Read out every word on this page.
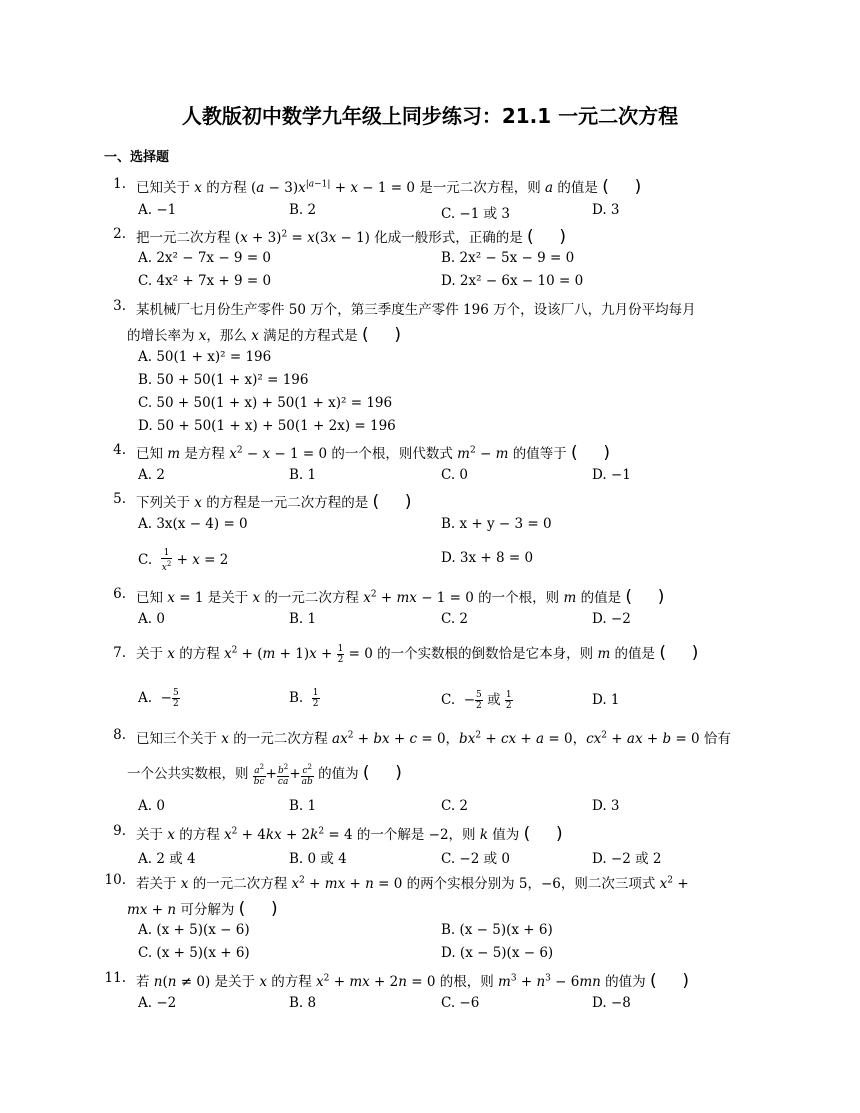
人教版初中数学九年级上同步练习：21.1 一元二次方程
一、选择题
1. 已知关于 x 的方程 $(a - 3)x^{|a-1|} + x - 1 = 0$ 是一元二次方程，则 a 的值是 ( )
A. −1	B. 2	C. −1 或 3	D. 3
2. 把一元二次方程 $(x + 3)^2 = x(3x - 1)$ 化成一般形式，正确的是 ( )
A. 2x² − 7x − 9 = 0	B. 2x² − 5x − 9 = 0
C. 4x² + 7x + 9 = 0	D. 2x² − 6x − 10 = 0
3. 某机械厂七月份生产零件 50 万个，第三季度生产零件 196 万个，设该厂八，九月份平均每月
的增长率为 x，那么 x 满足的方程式是 ( )
A. 50(1 + x)² = 196
B. 50 + 50(1 + x)² = 196
C. 50 + 50(1 + x) + 50(1 + x)² = 196
D. 50 + 50(1 + x) + 50(1 + 2x) = 196
4. 已知 m 是方程 $x^2 - x - 1 = 0$ 的一个根，则代数式 $m^2 - m$ 的值等于 ( )
A. 2	B. 1	C. 0	D. −1
5. 下列关于 x 的方程是一元二次方程的是 ( )
A. 3x(x − 4) = 0	B. x + y − 3 = 0
C. $\frac{1}{x^2} + x = 2$	D. 3x + 8 = 0
6. 已知 x = 1 是关于 x 的一元二次方程 $x^2$ + mx − 1 = 0 的一个根，则 m 的值是 ( )
A. 0	B. 1	C. 2	D. −2
7. 关于 x 的方程 $x^2 + (m + 1)x + \frac{1}{2} = 0$ 的一个实数根的倒数恰是它本身，则 m 的值是 ( )
A.  − $\frac{5}{2}$	B. $\frac{1}{2}$	C.  − $\frac{5}{2}$ 或 $\frac{1}{2}$	D. 1
8. 已知三个关于 x 的一元二次方程 $ax^2$ + bx + c = 0，$bx^2$ + cx + a = 0，$cx^2$ + ax + b = 0 恰有
一个公共实数根，则 $\frac{a^2}{bc} + \frac{b^2}{ca} + \frac{c^2}{ab}$ 的值为 ( )
A. 0	B. 1	C. 2	D. 3
9. 关于 x 的方程 $x^2 + 4kx + 2k^2 = 4$ 的一个解是 −2，则 k 值为 ( )
A. 2 或 4	B. 0 或 4	C. −2 或 0	D. −2 或 2
10. 若关于 x 的一元二次方程 $x^2$ + mx + n = 0 的两个实根分别为 5，−6，则二次三项式 $x^2$ +
mx + n 可分解为 ( )
A. (x + 5)(x − 6)	B. (x − 5)(x + 6)
C. (x + 5)(x + 6)	D. (x − 5)(x − 6)
11. 若 n(n ≠ 0) 是关于 x 的方程 $x^2$ + mx + 2n = 0 的根，则 $m^3 + n^3 - 6mn$ 的值为 ( )
A. −2	B. 8	C. −6	D. −8
